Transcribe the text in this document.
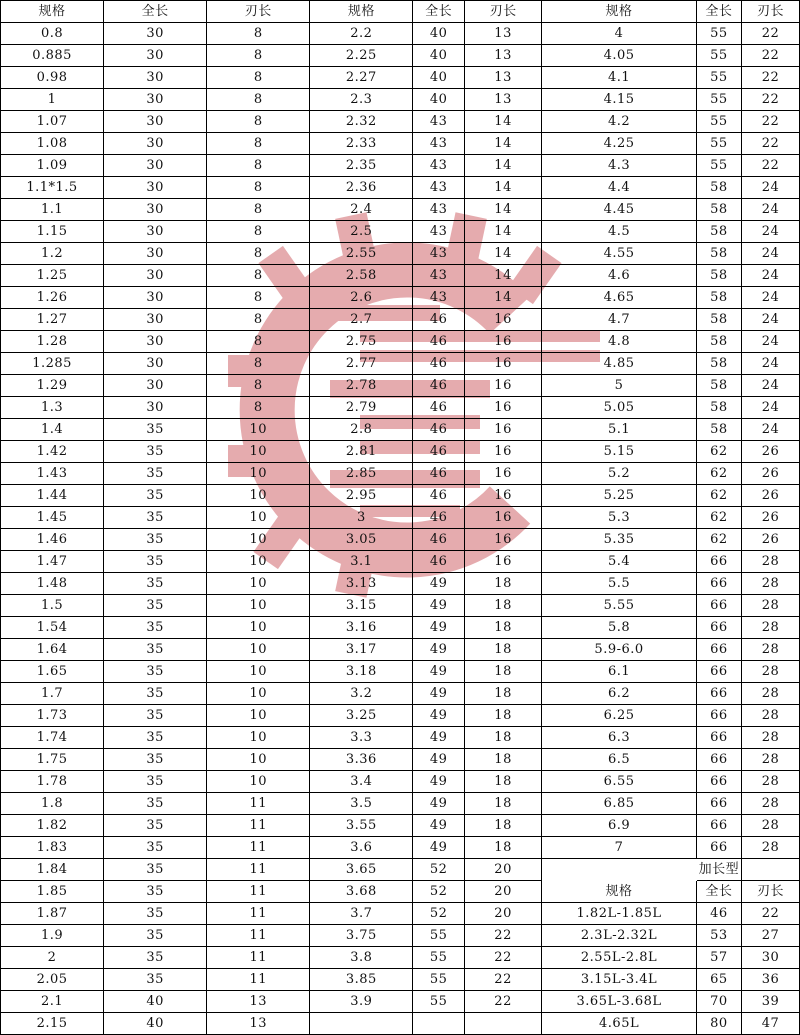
规格	全长	刃长	规格	全长	刃长	规格	全长	刃长
0.8	30	8	2.2	40	13	4	55	22
0.885	30	8	2.25	40	13	4.05	55	22
0.98	30	8	2.27	40	13	4.1	55	22
1	30	8	2.3	40	13	4.15	55	22
1.07	30	8	2.32	43	14	4.2	55	22
1.08	30	8	2.33	43	14	4.25	55	22
1.09	30	8	2.35	43	14	4.3	55	22
1.1*1.5	30	8	2.36	43	14	4.4	58	24
1.1	30	8	2.4	43	14	4.45	58	24
1.15	30	8	2.5	43	14	4.5	58	24
1.2	30	8	2.55	43	14	4.55	58	24
1.25	30	8	2.58	43	14	4.6	58	24
1.26	30	8	2.6	43	14	4.65	58	24
1.27	30	8	2.7	46	16	4.7	58	24
1.28	30	8	2.75	46	16	4.8	58	24
1.285	30	8	2.77	46	16	4.85	58	24
1.29	30	8	2.78	46	16	5	58	24
1.3	30	8	2.79	46	16	5.05	58	24
1.4	35	10	2.8	46	16	5.1	58	24
1.42	35	10	2.81	46	16	5.15	62	26
1.43	35	10	2.85	46	16	5.2	62	26
1.44	35	10	2.95	46	16	5.25	62	26
1.45	35	10	3	46	16	5.3	62	26
1.46	35	10	3.05	46	16	5.35	62	26
1.47	35	10	3.1	46	16	5.4	66	28
1.48	35	10	3.13	49	18	5.5	66	28
1.5	35	10	3.15	49	18	5.55	66	28
1.54	35	10	3.16	49	18	5.8	66	28
1.64	35	10	3.17	49	18	5.9-6.0	66	28
1.65	35	10	3.18	49	18	6.1	66	28
1.7	35	10	3.2	49	18	6.2	66	28
1.73	35	10	3.25	49	18	6.25	66	28
1.74	35	10	3.3	49	18	6.3	66	28
1.75	35	10	3.36	49	18	6.5	66	28
1.78	35	10	3.4	49	18	6.55	66	28
1.8	35	11	3.5	49	18	6.85	66	28
1.82	35	11	3.55	49	18	6.9	66	28
1.83	35	11	3.6	49	18	7	66	28
1.84	35	11	3.65	52	20		加长型	
1.85	35	11	3.68	52	20	规格	全长	刃长
1.87	35	11	3.7	52	20	1.82L-1.85L	46	22
1.9	35	11	3.75	55	22	2.3L-2.32L	53	27
2	35	11	3.8	55	22	2.55L-2.8L	57	30
2.05	35	11	3.85	55	22	3.15L-3.4L	65	36
2.1	40	13	3.9	55	22	3.65L-3.68L	70	39
2.15	40	13				4.65L	80	47
